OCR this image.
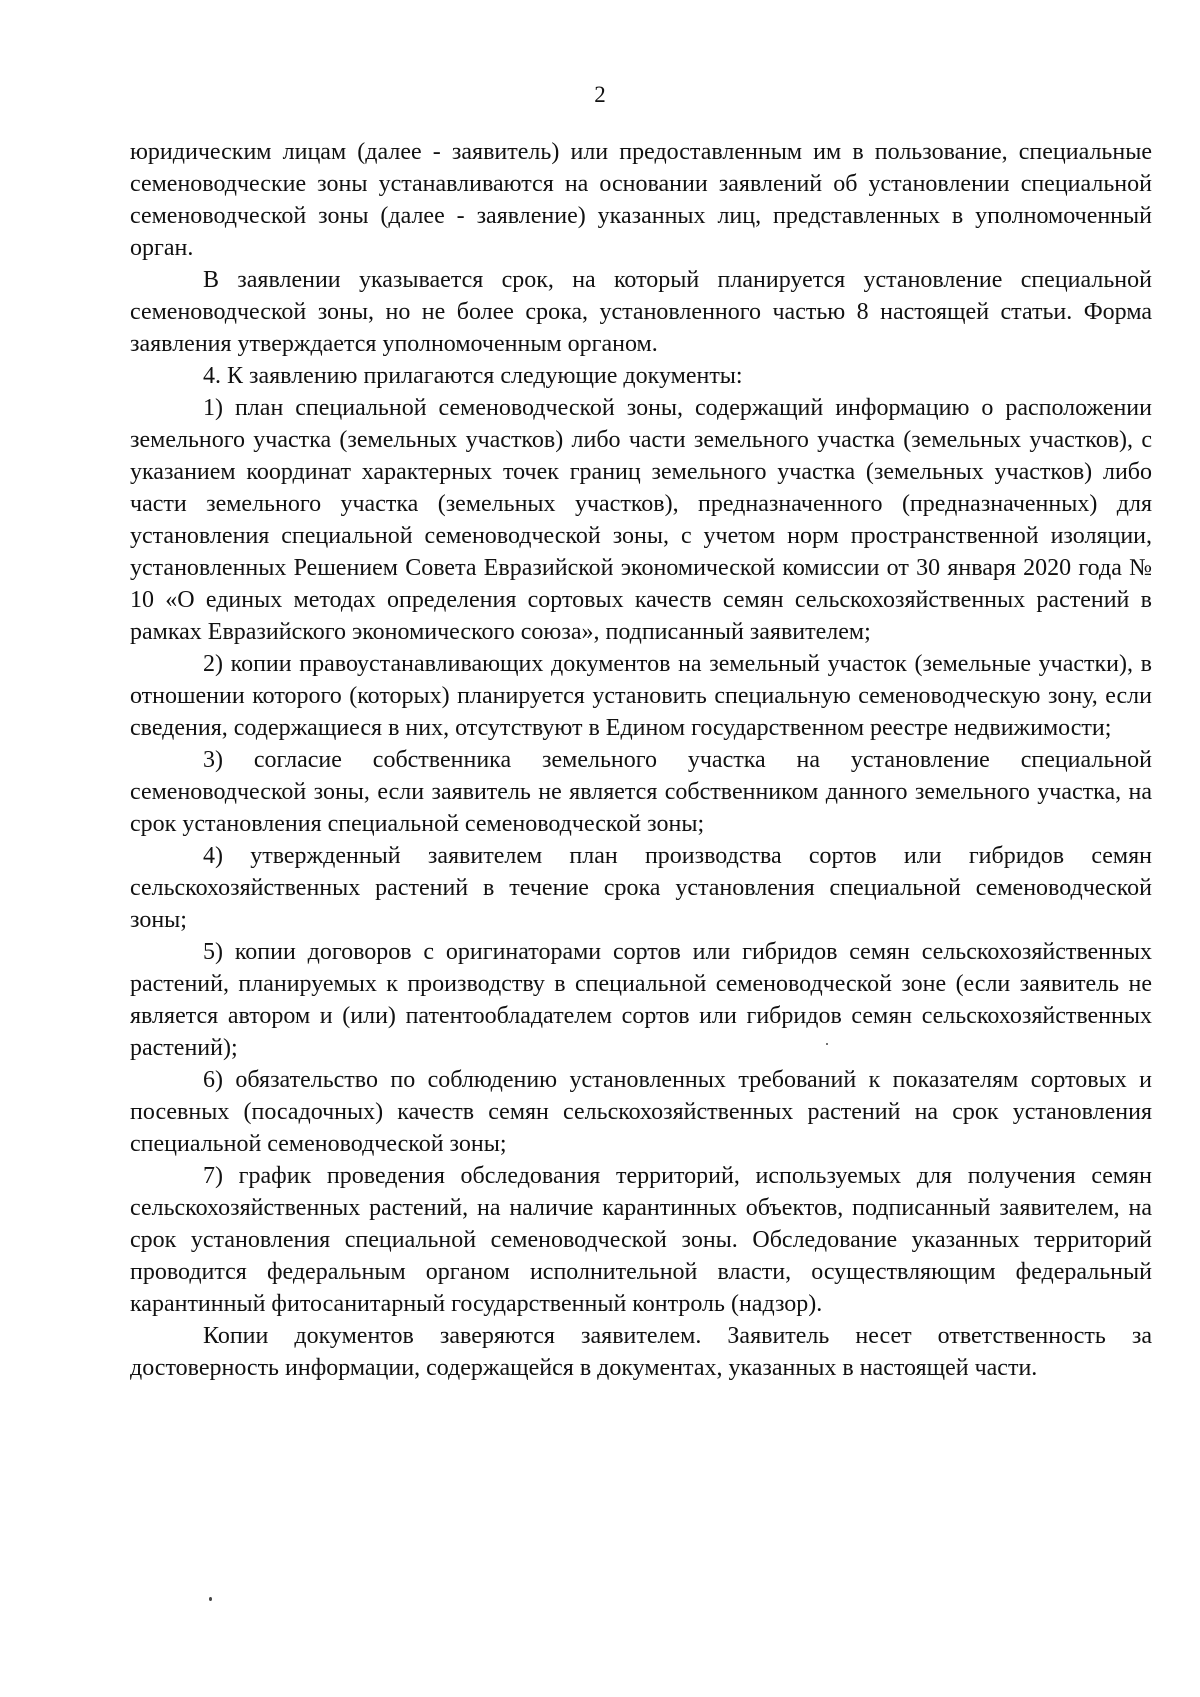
2

юридическим лицам (далее - заявитель) или предоставленным им в пользование, специальные семеноводческие зоны устанавливаются на основании заявлений об установлении специальной семеноводческой зоны (далее - заявление) указанных лиц, представленных в уполномоченный орган.

В заявлении указывается срок, на который планируется установление специальной семеноводческой зоны, но не более срока, установленного частью 8 настоящей статьи. Форма заявления утверждается уполномоченным органом.

4. К заявлению прилагаются следующие документы:

1) план специальной семеноводческой зоны, содержащий информацию о расположении земельного участка (земельных участков) либо части земельного участка (земельных участков), с указанием координат характерных точек границ земельного участка (земельных участков) либо части земельного участка (земельных участков), предназначенного (предназначенных) для установления специальной семеноводческой зоны, с учетом норм пространственной изоляции, установленных Решением Совета Евразийской экономической комиссии от 30 января 2020 года № 10 «О единых методах определения сортовых качеств семян сельскохозяйственных растений в рамках Евразийского экономического союза», подписанный заявителем;

2) копии правоустанавливающих документов на земельный участок (земельные участки), в отношении которого (которых) планируется установить специальную семеноводческую зону, если сведения, содержащиеся в них, отсутствуют в Едином государственном реестре недвижимости;

3) согласие собственника земельного участка на установление специальной семеноводческой зоны, если заявитель не является собственником данного земельного участка, на срок установления специальной семеноводческой зоны;

4) утвержденный заявителем план производства сортов или гибридов семян сельскохозяйственных растений в течение срока установления специальной семеноводческой зоны;

5) копии договоров с оригинаторами сортов или гибридов семян сельскохозяйственных растений, планируемых к производству в специальной семеноводческой зоне (если заявитель не является автором и (или) патентообладателем сортов или гибридов семян сельскохозяйственных растений);

6) обязательство по соблюдению установленных требований к показателям сортовых и посевных (посадочных) качеств семян сельскохозяйственных растений на срок установления специальной семеноводческой зоны;

7) график проведения обследования территорий, используемых для получения семян сельскохозяйственных растений, на наличие карантинных объектов, подписанный заявителем, на срок установления специальной семеноводческой зоны. Обследование указанных территорий проводится федеральным органом исполнительной власти, осуществляющим федеральный карантинный фитосанитарный государственный контроль (надзор).

Копии документов заверяются заявителем. Заявитель несет ответственность за достоверность информации, содержащейся в документах, указанных в настоящей части.
